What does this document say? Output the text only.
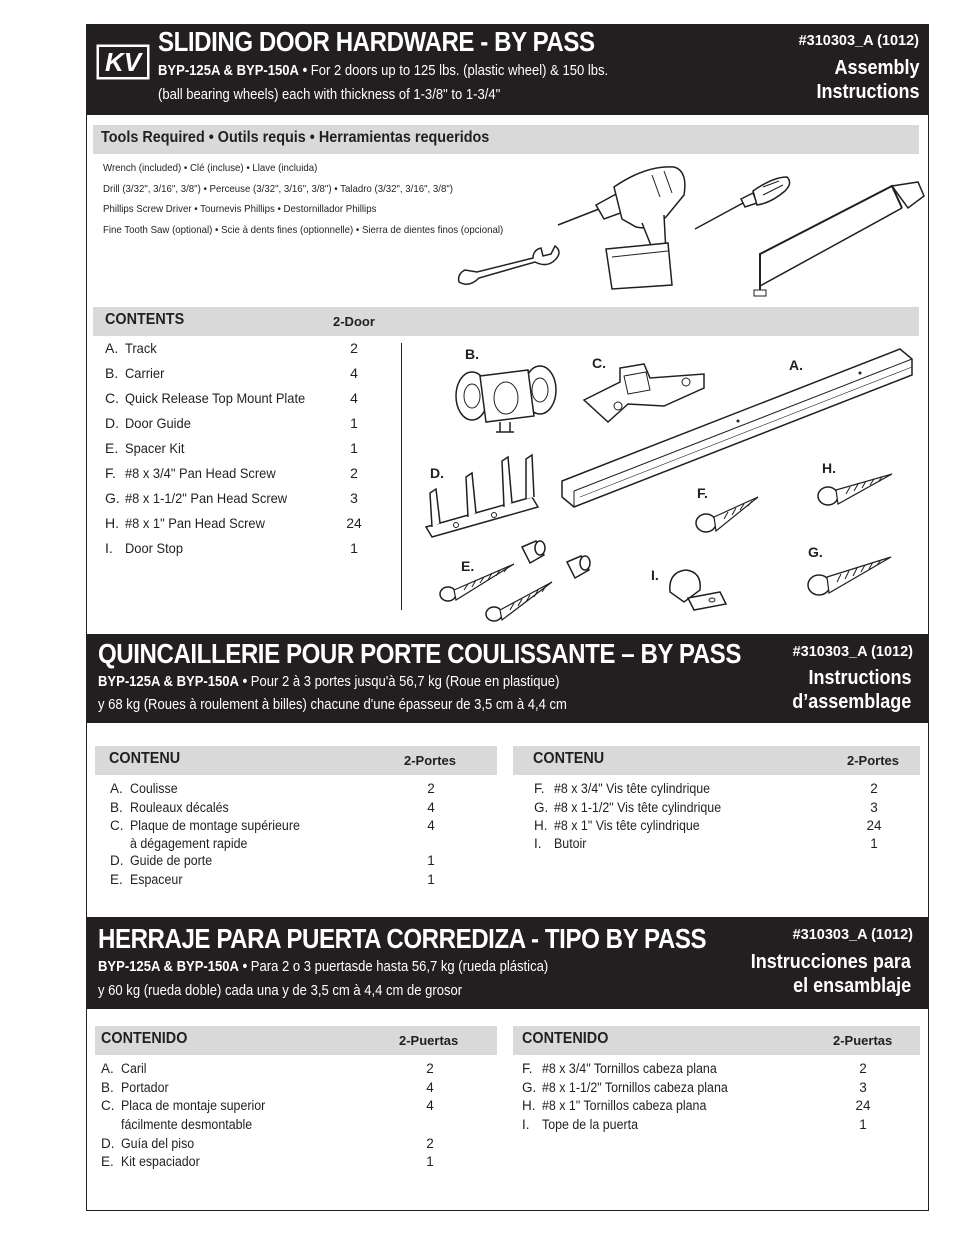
KV
SLIDING DOOR HARDWARE - BY PASS
BYP-125A & BYP-150A • For 2 doors up to 125 lbs. (plastic wheel) & 150 lbs.
(ball bearing wheels) each with thickness of 1-3/8" to 1-3/4"
#310303_A (1012)
Assembly
Instructions
Tools Required • Outils requis • Herramientas requeridos
Wrench (included) • Clé (incluse) • Llave (incluida)
Drill (3/32", 3/16", 3/8") • Perceuse (3/32", 3/16", 3/8") • Taladro (3/32", 3/16", 3/8")
Phillips Screw Driver • Tournevis Phillips • Destornillador Phillips
Fine Tooth Saw (optional) • Scie à dents fines (optionnelle) • Sierra de dientes finos (opcional)
CONTENTS	2-Door
A. Track	2
B. Carrier	4
C. Quick Release Top Mount Plate	4
D. Door Guide	1
E. Spacer Kit	1
F. #8 x 3/4" Pan Head Screw	2
G. #8 x 1-1/2" Pan Head Screw	3
H. #8 x 1" Pan Head Screw	24
I. Door Stop	1
B.
C.	A.
D.	H.
F.
G.
E.
I.
QUINCAILLERIE POUR PORTE COULISSANTE – BY PASS
BYP-125A & BYP-150A • Pour 2 à 3 portes jusqu'à 56,7 kg (Roue en plastique)
y 68 kg (Roues à roulement à billes) chacune d'une épasseur de 3,5 cm à 4,4 cm
#310303_A (1012)
Instructions
d’assemblage
CONTENU	2-Portes	CONTENU	2-Portes
A. Coulisse	2
B. Rouleaux décalés	4
C. Plaque de montage supérieure	4
à dégagement rapide
D. Guide de porte	1
E. Espaceur	1
F. #8 x 3/4" Vis tête cylindrique	2
G. #8 x 1-1/2" Vis tête cylindrique	3
H. #8 x 1" Vis tête cylindrique	24
I. Butoir	1
HERRAJE PARA PUERTA CORREDIZA - TIPO BY PASS
BYP-125A & BYP-150A • Para 2 o 3 puertasde hasta 56,7 kg (rueda plástica)
y 60 kg (rueda doble) cada una y de 3,5 cm à 4,4 cm de grosor
#310303_A (1012)
Instrucciones para
el ensamblaje
CONTENIDO	2-Puertas	CONTENIDO	2-Puertas
A. Caril	2
B. Portador	4
C. Placa de montaje superior	4
fácilmente desmontable
D. Guía del piso	2
E. Kit espaciador	1
F. #8 x 3/4" Tornillos cabeza plana	2
G. #8 x 1-1/2" Tornillos cabeza plana	3
H. #8 x 1" Tornillos cabeza plana	24
I. Tope de la puerta	1
